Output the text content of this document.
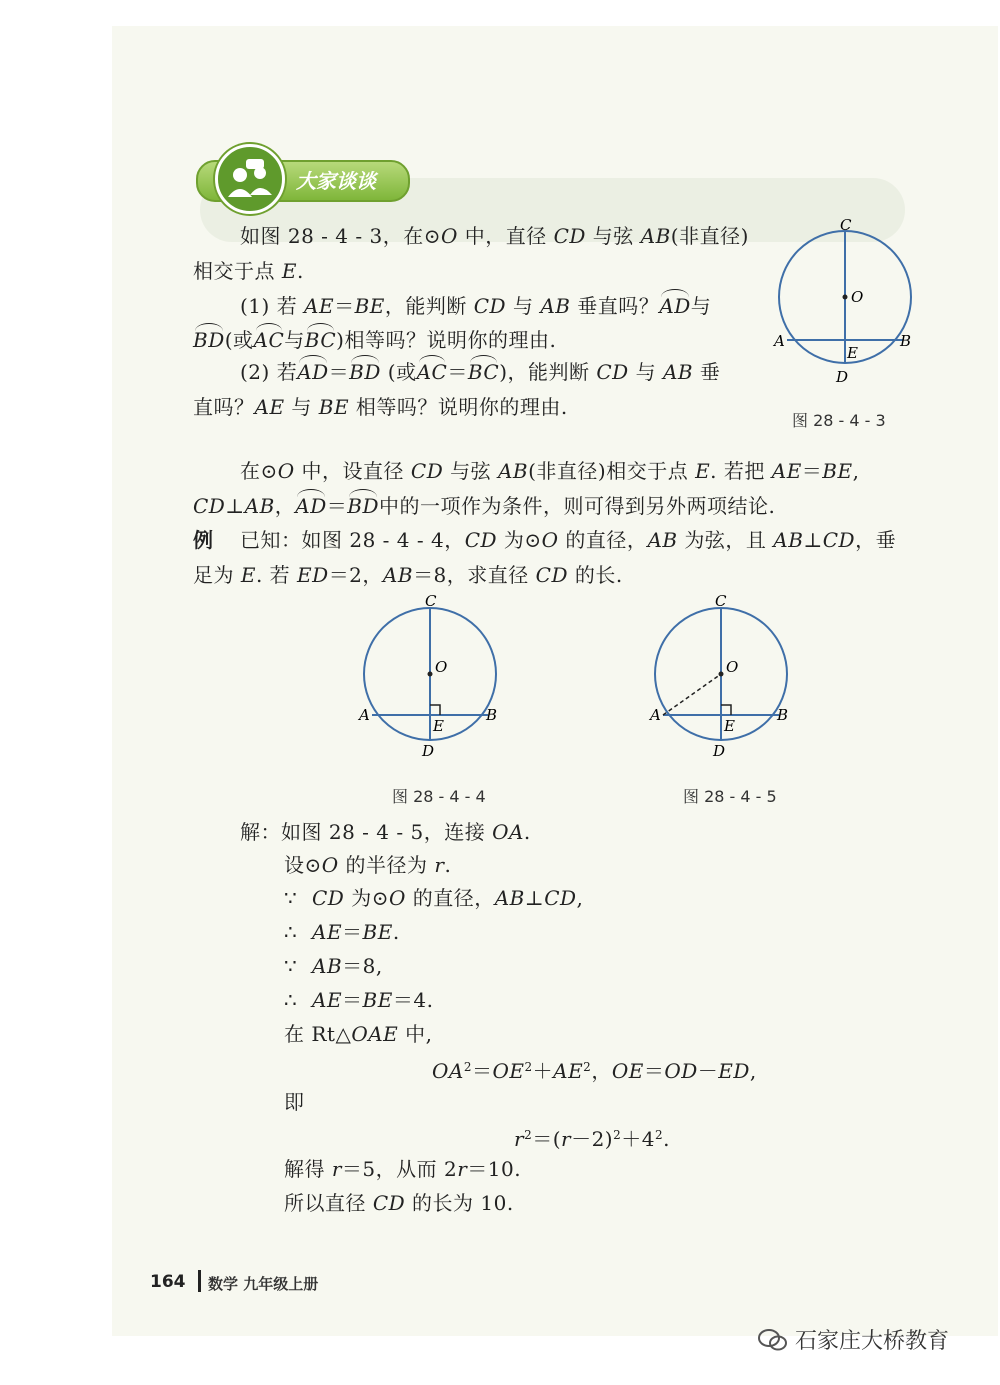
大家谈谈
如图 28 - 4 - 3，在⊙O 中，直径 CD 与弦 AB(非直径)
相交于点 E.
(1) 若 AE＝BE，能判断 CD 与 AB 垂直吗？AD与
BD(或AC与BC)相等吗？说明你的理由.
(2) 若AD＝BD (或AC＝BC)，能判断 CD 与 AB 垂
直吗？AE 与 BE 相等吗？说明你的理由.
C
O
A	B
E
D
图 28 - 4 - 3
在⊙O 中，设直径 CD 与弦 AB(非直径)相交于点 E. 若把 AE＝BE,
CD⊥AB，AD＝BD中的一项作为条件，则可得到另外两项结论.
例 已知：如图 28 - 4 - 4，CD 为⊙O 的直径，AB 为弦，且 AB⊥CD，垂
足为 E. 若 ED＝2，AB＝8，求直径 CD 的长.
C
O
A	B
E
D
图 28 - 4 - 4
C
O
A	B
E
D
图 28 - 4 - 5
解：如图 28 - 4 - 5，连接 OA.
设⊙O 的半径为 r.
∵ CD 为⊙O 的直径，AB⊥CD,
∴ AE＝BE.
∵ AB＝8,
∴ AE＝BE＝4.
在 Rt△OAE 中,
$OA^2=OE^2+AE^2$，OE＝OD－ED,
即
$r^2=(r-2)^2+4^2$.
解得 r＝5，从而 2r＝10.
所以直径 CD 的长为 10.
164 数学 九年级上册
石家庄大桥教育
